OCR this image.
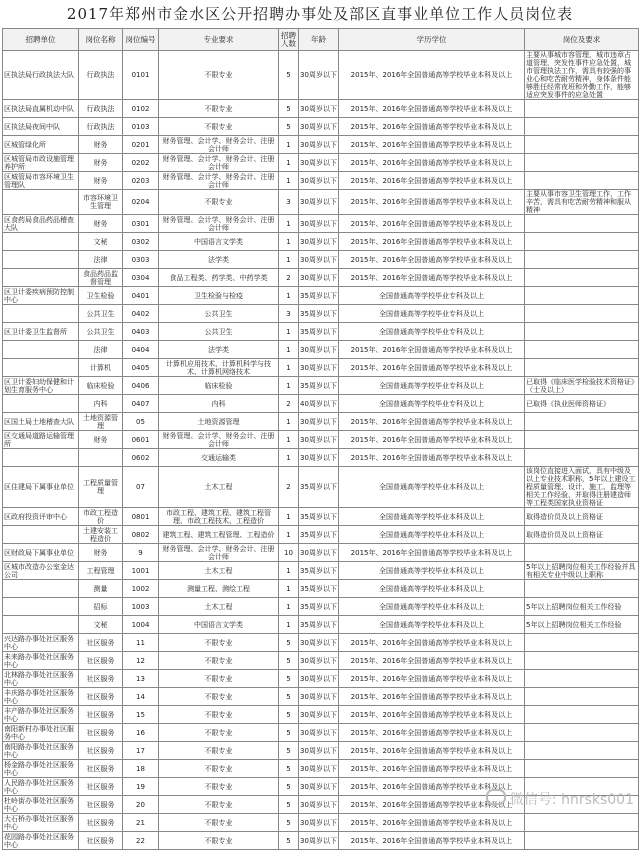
2017年郑州市金水区公开招聘办事处及部区直事业单位工作人员岗位表
招聘单位	岗位名称	岗位编号	专业要求	招聘人数	年龄	学历学位	岗位及要求
区执法局行政执法大队	行政执法	0101	不限专业	5	30周岁以下	2015年、2016年全国普通高等学校毕业本科及以上	主要从事城市容管理，城市违章占道管理，突发性事件应急处置，城市管理执法工作，需具有较强的事业心和吃苦耐劳精神，身体条件能够胜任经常夜班和外勤工作，能够适应突发事件的应急处置
区执法局直属机动中队	行政执法	0102	不限专业	5	30周岁以下	2015年、2016年全国普通高等学校毕业本科及以上	
区执法局夜间中队	行政执法	0103	不限专业	5	30周岁以下	2015年、2016年全国普通高等学校毕业本科及以上	
区城管绿化所	财务	0201	财务管理、会计学、财务会计、注册会计师	1	30周岁以下	2015年、2016年全国普通高等学校毕业本科及以上	
区城管局市政设施管理养护所	财务	0202	财务管理、会计学、财务会计、注册会计师	1	30周岁以下	2015年、2016年全国普通高等学校毕业本科及以上	
区城管局市容环境卫生管理队	财务	0203	财务管理、会计学、财务会计、注册会计师	1	30周岁以下	2015年、2016年全国普通高等学校毕业本科及以上	
	市容环境卫生管理	0204	不限专业	3	30周岁以下	2015年、2016年全国普通高等学校毕业本科及以上	主要从事市容卫生管理工作，工作辛苦，需具有吃苦耐劳精神和服从精神
区食药局食品药品稽查大队	财务	0301	财务管理、会计学、财务会计、注册会计师	1	30周岁以下	2015年、2016年全国普通高等学校毕业本科及以上	
	文秘	0302	中国语言文学类	1	30周岁以下	2015年、2016年全国普通高等学校毕业本科及以上	
	法律	0303	法学类	1	30周岁以下	2015年、2016年全国普通高等学校毕业本科及以上	
	食品药品监督管理	0304	食品工程类、药学类、中药学类	2	30周岁以下	2015年、2016年全国普通高等学校毕业本科及以上	
区卫计委疾病预防控制中心	卫生检验	0401	卫生检验与检疫	1	35周岁以下	全国普通高等学校毕业专科及以上	
	公共卫生	0402	公共卫生	3	35周岁以下	全国普通高等学校毕业专科及以上	
区卫计委卫生监督所	公共卫生	0403	公共卫生	1	35周岁以下	全国普通高等学校毕业专科及以上	
	法律	0404	法学类	1	30周岁以下	2015年、2016年全国普通高等学校毕业本科及以上	
	计算机	0405	计算机应用技术、计算机科学与技术、计算机网络技术	1	30周岁以下	2015年、2016年全国普通高等学校毕业本科及以上	
区卫计委妇幼保健和计划生育服务中心	临床检验	0406	临床检验	1	35周岁以下	全国普通高等学校毕业专科及以上	已取得《临床医学检验技术资格证》（士及以上）
	内科	0407	内科	2	40周岁以下	全国普通高等学校毕业专科及以上	已取得《执业医师资格证》
区国土局土地稽查大队	土地资源管理	05	土地资源管理	1	30周岁以下	2015年、2016年全国普通高等学校毕业本科及以上	
区交通局道路运输管理所	财务	0601	财务管理、会计学、财务会计、注册会计师	1	30周岁以下	2015年、2016年全国普通高等学校毕业本科及以上	
		0602	交通运输类	1	30周岁以下	2015年、2016年全国普通高等学校毕业本科及以上	
区住建局下属事业单位	工程质量管理	07	土木工程	2	35周岁以下	全国普通高等学校毕业本科及以上	该岗位直接进入面试，具有中级及以上专业技术职称，5年以上建设工程质量管理、设计、施工、监理等相关工作经验，并取得注册建造师等工程类国家执业资格证
区政府投资评审中心	市政工程造价	0801	市政工程、建筑工程、建筑工程管理、市政工程技术、工程造价	1	35周岁以下	全国普通高等学校毕业本科及以上	取得造价员及以上资格证
	土建安装工程造价	0802	建筑工程、建筑工程管理、工程造价	1	35周岁以下	全国普通高等学校毕业本科及以上	取得造价员及以上资格证
区财政局下属事业单位	财务	9	财务管理、会计学、财务会计、注册会计师	10	30周岁以下	2015年、2016年全国普通高等学校毕业本科及以上	
区城市改造办公室金达公司	工程管理	1001	土木工程	1	35周岁以下	全国普通高等学校毕业本科及以上	5年以上招聘岗位相关工作经验并具有相关专业中级以上职称
	测量	1002	测量工程、测绘工程	1	35周岁以下	全国普通高等学校毕业本科及以上	
	招标	1003	土木工程	1	35周岁以下	全国普通高等学校毕业本科及以上	5年以上招聘岗位相关工作经验
	文秘	1004	中国语言文学类	1	35周岁以下	全国普通高等学校毕业本科及以上	5年以上招聘岗位相关工作经验
兴达路办事处社区服务中心	社区服务	11	不限专业	5	30周岁以下	2015年、2016年全国普通高等学校毕业本科及以上	
未来路办事处社区服务中心	社区服务	12	不限专业	5	30周岁以下	2015年、2016年全国普通高等学校毕业本科及以上	
北林路办事处社区服务中心	社区服务	13	不限专业	5	30周岁以下	2015年、2016年全国普通高等学校毕业本科及以上	
丰庆路办事处社区服务中心	社区服务	14	不限专业	5	30周岁以下	2015年、2016年全国普通高等学校毕业本科及以上	
丰产路办事处社区服务中心	社区服务	15	不限专业	5	30周岁以下	2015年、2016年全国普通高等学校毕业本科及以上	
南阳新村办事处社区服务中心	社区服务	16	不限专业	5	30周岁以下	2015年、2016年全国普通高等学校毕业本科及以上	
南阳路办事处社区服务中心	社区服务	17	不限专业	5	30周岁以下	2015年、2016年全国普通高等学校毕业本科及以上	
杨金路办事处社区服务中心	社区服务	18	不限专业	5	30周岁以下	2015年、2016年全国普通高等学校毕业本科及以上	
人民路办事处社区服务中心	社区服务	19	不限专业	5	30周岁以下	2015年、2016年全国普通高等学校毕业本科及以上	
杜岭街办事处社区服务中心	社区服务	20	不限专业	5	30周岁以下	2015年、2016年全国普通高等学校毕业本科及以上	
大石桥办事处社区服务中心	社区服务	21	不限专业	5	30周岁以下	2015年、2016年全国普通高等学校毕业本科及以上	
花园路办事处社区服务中心	社区服务	22	不限专业	5	30周岁以下	2015年、2016年全国普通高等学校毕业本科及以上	
微信号: hnrsks001
